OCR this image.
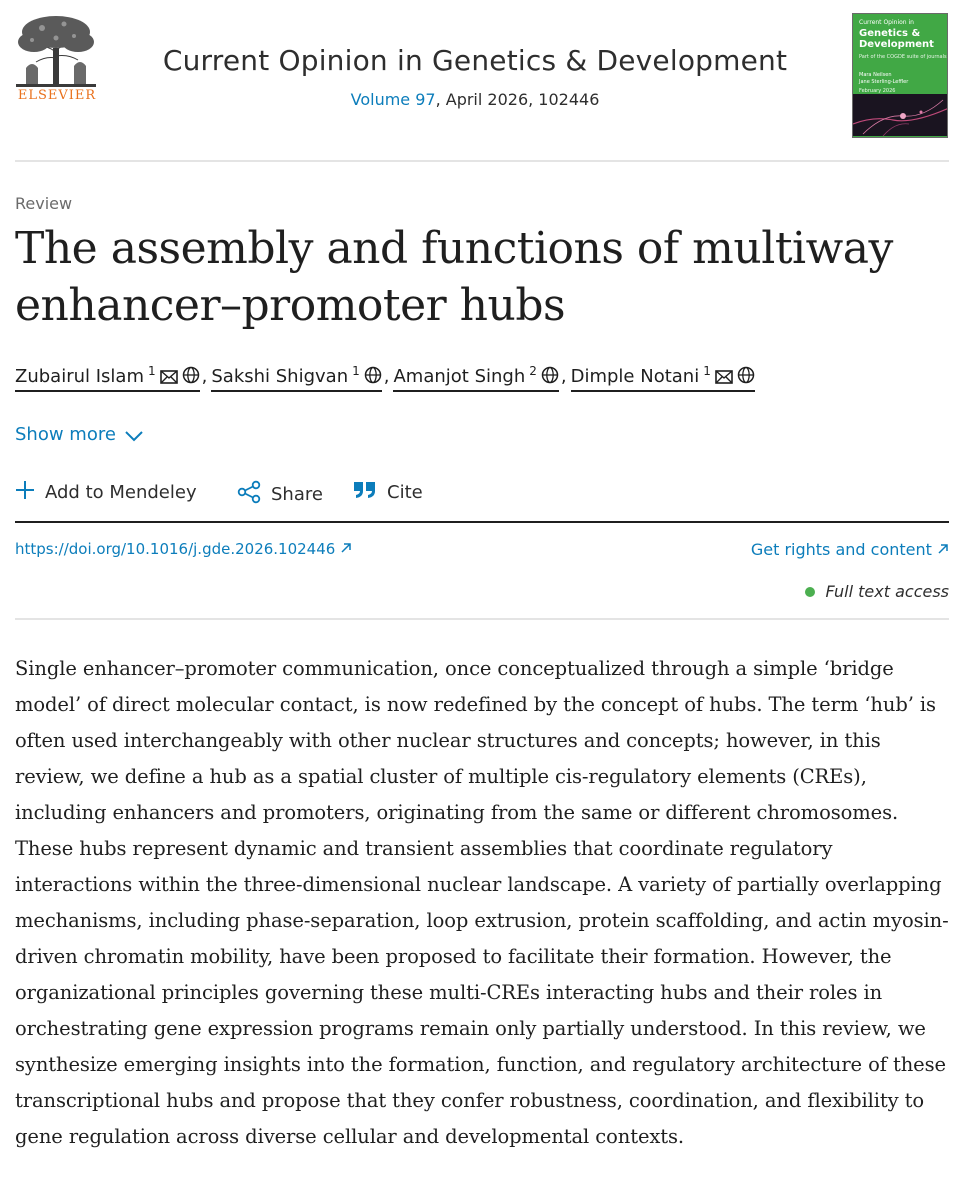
ELSEVIER
Current Opinion in Genetics & Development
Volume 97, April 2026, 102446
Current Opinion in
Genetics &
Development
Part of the COGDE suite of journals
Mara Neilsen
Jane Sterling-Leffler
February 2026
Review
The assembly and functions of multiway enhancer–promoter hubs
Zubairul Islam $^1$	, Sakshi Shigvan $^1$ , Amanjot Singh $^2$ , Dimple Notani $^1$
Show more
Add to Mendeley	Share	Cite
https://doi.org/10.1016/j.gde.2026.102446	Get rights and content
Full text access

Single enhancer–promoter communication, once conceptualized through a simple ‘bridge model’ of direct molecular contact, is now redefined by the concept of hubs. The term ‘hub’ is often used interchangeably with other nuclear structures and concepts; however, in this review, we define a hub as a spatial cluster of multiple cis-regulatory elements (CREs), including enhancers and promoters, originating from the same or different chromosomes. These hubs represent dynamic and transient assemblies that coordinate regulatory interactions within the three-dimensional nuclear landscape. A variety of partially overlapping mechanisms, including phase-separation, loop extrusion, protein scaffolding, and actin myosin-driven chromatin mobility, have been proposed to facilitate their formation. However, the organizational principles governing these multi-CREs interacting hubs and their roles in orchestrating gene expression programs remain only partially understood. In this review, we synthesize emerging insights into the formation, function, and regulatory architecture of these transcriptional hubs and propose that they confer robustness, coordination, and flexibility to gene regulation across diverse cellular and developmental contexts.
